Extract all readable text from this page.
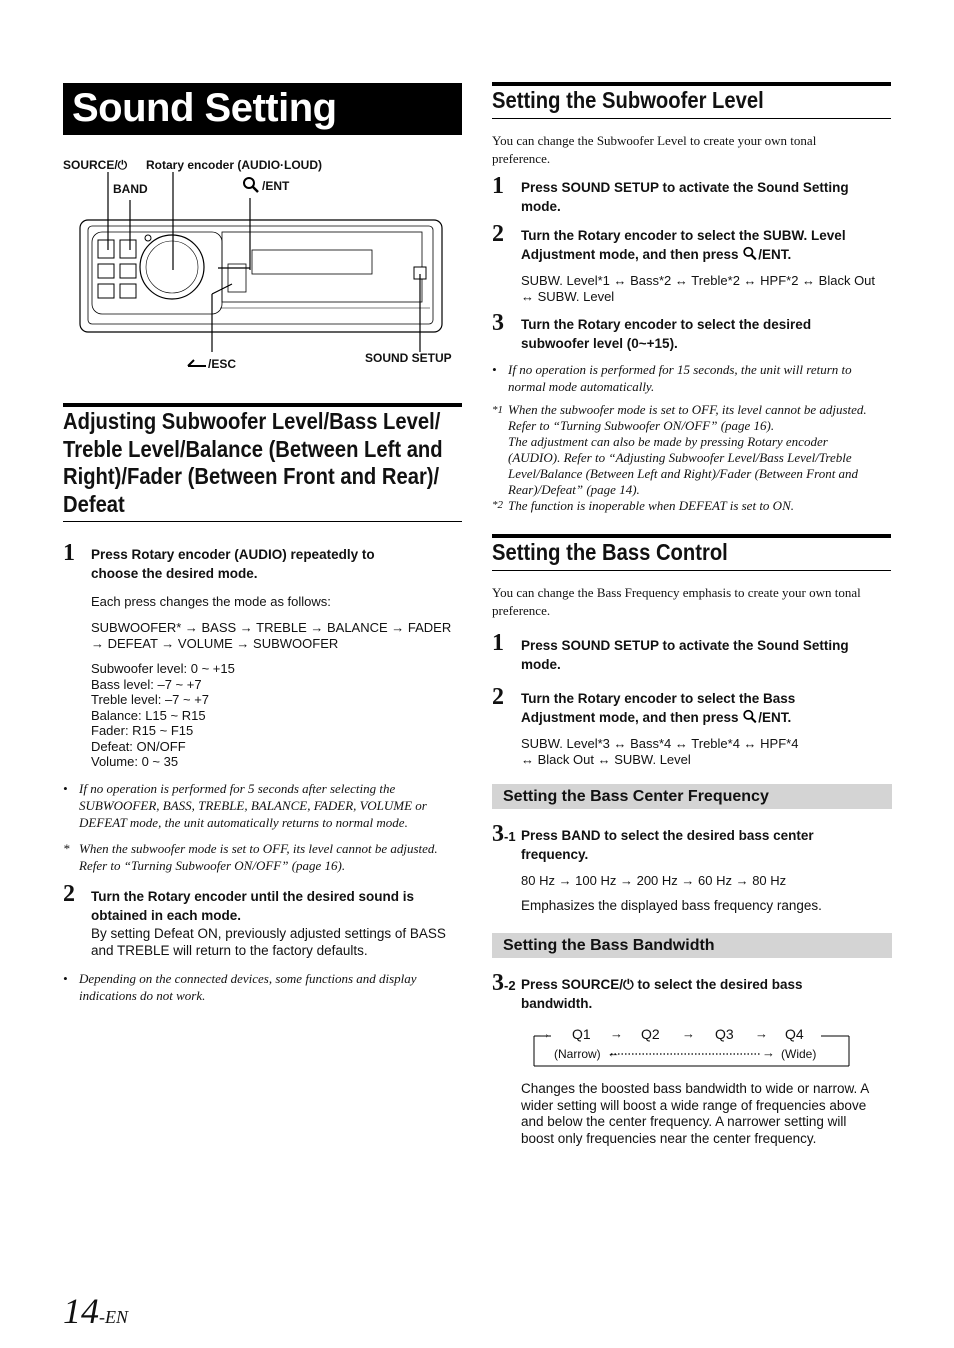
Sound Setting
SOURCE/⏻ Rotary encoder (AUDIO·LOUD)
BAND	/ENT
/ESC	SOUND SETUP
Adjusting Subwoofer Level/Bass Level/
Treble Level/Balance (Between Left and
Right)/Fader (Between Front and Rear)/
Defeat
1 Press Rotary encoder (AUDIO) repeatedly to
choose the desired mode.
Each press changes the mode as follows:
SUBWOOFER* → BASS → TREBLE → BALANCE → FADER
→ DEFEAT → VOLUME → SUBWOOFER
Subwoofer level: 0 ~ +15
Bass level: –7 ~ +7
Treble level: –7 ~ +7
Balance: L15 ~ R15
Fader: R15 ~ F15
Defeat: ON/OFF
Volume: 0 ~ 35
• If no operation is performed for 5 seconds after selecting the
SUBWOOFER, BASS, TREBLE, BALANCE, FADER, VOLUME or
DEFEAT mode, the unit automatically returns to normal mode.
* When the subwoofer mode is set to OFF, its level cannot be adjusted.
Refer to “Turning Subwoofer ON/OFF” (page 16).
2 Turn the Rotary encoder until the desired sound is
obtained in each mode.
By setting Defeat ON, previously adjusted settings of BASS
and TREBLE will return to the factory defaults.
• Depending on the connected devices, some functions and display
indications do not work.
Setting the Subwoofer Level
You can change the Subwoofer Level to create your own tonal
preference.
1 Press SOUND SETUP to activate the Sound Setting
mode.
2 Turn the Rotary encoder to select the SUBW. Level
Adjustment mode, and then press /ENT.
SUBW. Level*1 ↔ Bass*2 ↔ Treble*2 ↔ HPF*2 ↔ Black Out
↔ SUBW. Level
3 Turn the Rotary encoder to select the desired
subwoofer level (0~+15).
• If no operation is performed for 15 seconds, the unit will return to
normal mode automatically.
*1 When the subwoofer mode is set to OFF, its level cannot be adjusted.
Refer to “Turning Subwoofer ON/OFF” (page 16).
The adjustment can also be made by pressing Rotary encoder
(AUDIO). Refer to “Adjusting Subwoofer Level/Bass Level/Treble
Level/Balance (Between Left and Right)/Fader (Between Front and
Rear)/Defeat” (page 14).
*2 The function is inoperable when DEFEAT is set to ON.
Setting the Bass Control
You can change the Bass Frequency emphasis to create your own tonal
preference.
1 Press SOUND SETUP to activate the Sound Setting
mode.
2 Turn the Rotary encoder to select the Bass
Adjustment mode, and then press /ENT.
SUBW. Level*3 ↔ Bass*4 ↔ Treble*4 ↔ HPF*4
↔ Black Out ↔ SUBW. Level
Setting the Bass Center Frequency
3-1 Press BAND to select the desired bass center
frequency.
80 Hz → 100 Hz → 200 Hz → 60 Hz → 80 Hz
Emphasizes the displayed bass frequency ranges.
Setting the Bass Bandwidth
3-2 Press SOURCE/⏻ to select the desired bass
bandwidth.
→ Q1 → Q2 → Q3 → Q4
(Narrow) ←	→ (Wide)
Changes the boosted bass bandwidth to wide or narrow. A
wider setting will boost a wide range of frequencies above
and below the center frequency. A narrower setting will
boost only frequencies near the center frequency.
14-EN
